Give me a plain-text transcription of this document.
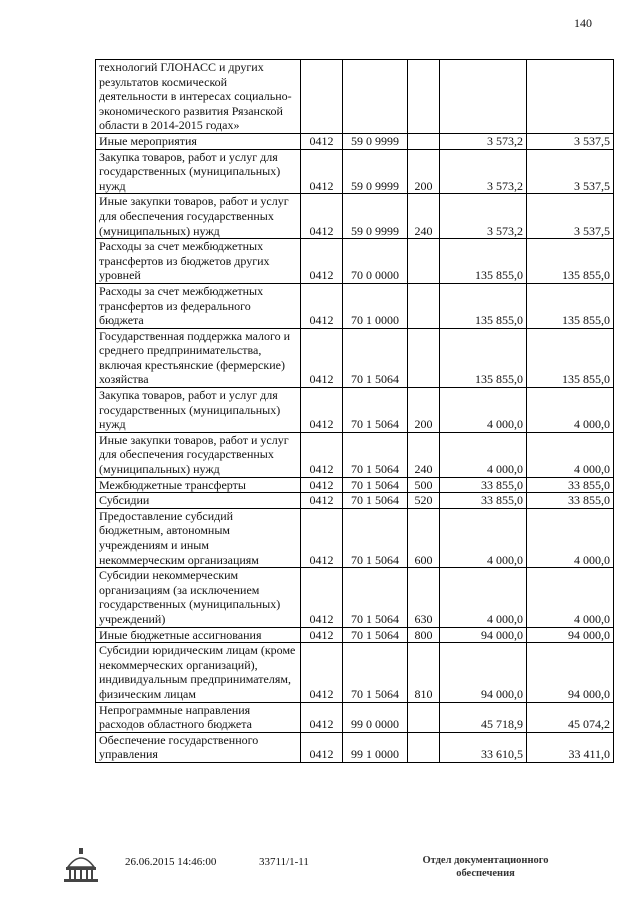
140
технологий ГЛОНАСС и других результатов космической деятельности в интересах социально-экономического развития Рязанской области в 2014-2015 годах»					
Иные мероприятия	0412	59 0 9999		3 573,2	3 537,5
Закупка товаров, работ и услуг для государственных (муниципальных) нужд	0412	59 0 9999	200	3 573,2	3 537,5
Иные закупки товаров, работ и услуг для обеспечения государственных (муниципальных) нужд	0412	59 0 9999	240	3 573,2	3 537,5
Расходы за счет межбюджетных трансфертов из бюджетов других уровней	0412	70 0 0000		135 855,0	135 855,0
Расходы за счет межбюджетных трансфертов из федерального бюджета	0412	70 1 0000		135 855,0	135 855,0
Государственная поддержка малого и среднего предпринимательства, включая крестьянские (фермерские) хозяйства	0412	70 1 5064		135 855,0	135 855,0
Закупка товаров, работ и услуг для государственных (муниципальных) нужд	0412	70 1 5064	200	4 000,0	4 000,0
Иные закупки товаров, работ и услуг для обеспечения государственных (муниципальных) нужд	0412	70 1 5064	240	4 000,0	4 000,0
Межбюджетные трансферты	0412	70 1 5064	500	33 855,0	33 855,0
Субсидии	0412	70 1 5064	520	33 855,0	33 855,0
Предоставление субсидий бюджетным, автономным учреждениям и иным некоммерческим организациям	0412	70 1 5064	600	4 000,0	4 000,0
Субсидии некоммерческим организациям (за исключением государственных (муниципальных) учреждений)	0412	70 1 5064	630	4 000,0	4 000,0
Иные бюджетные ассигнования	0412	70 1 5064	800	94 000,0	94 000,0
Субсидии юридическим лицам (кроме некоммерческих организаций), индивидуальным предпринимателям, физическим лицам	0412	70 1 5064	810	94 000,0	94 000,0
Непрограммные направления расходов областного бюджета	0412	99 0 0000		45 718,9	45 074,2
Обеспечение государственного управления	0412	99 1 0000		33 610,5	33 411,0
26.06.2015 14:46:00	33711/1-11	Отдел документационного
обеспечения
